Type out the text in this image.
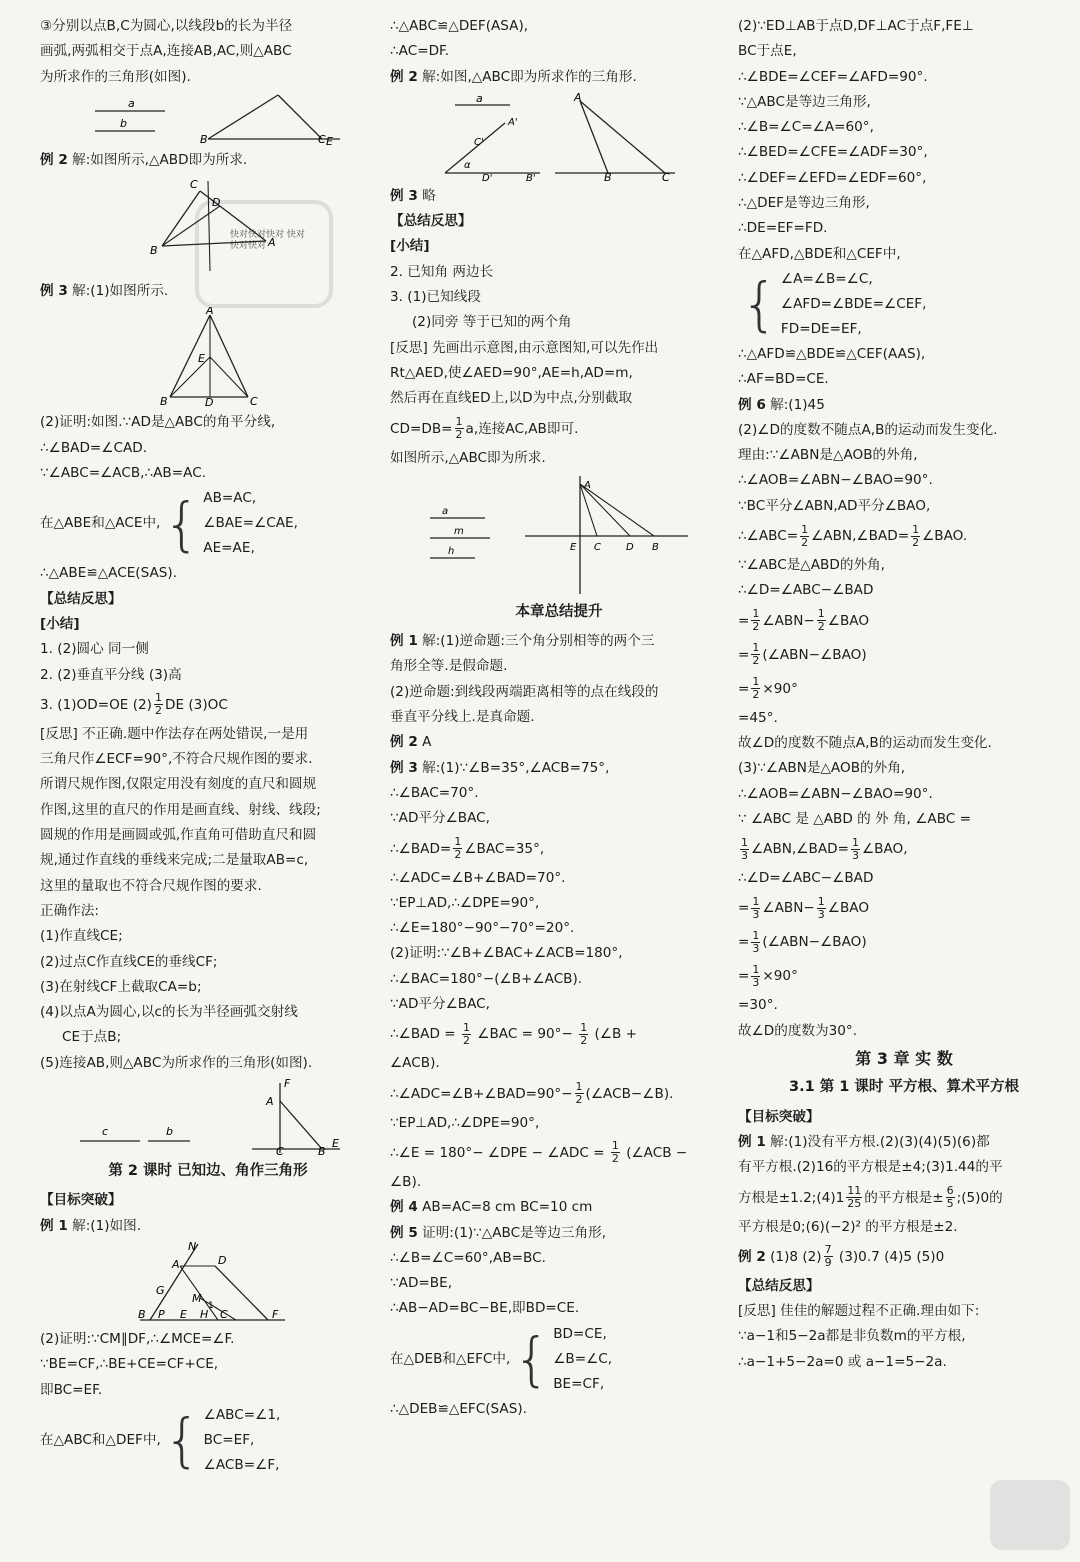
快对快对快对 快对快对快对
③分别以点B,C为圆心,以线段b的长为半径
画弧,两弧相交于点A,连接AB,AC,则△ABC
为所求作的三角形(如图).
a
b
B	C E
例 2 解:如图所示,△ABD即为所求.
B
C
D
A
例 3 解:(1)如图所示.
A
E
B	D	C
(2)证明:如图.∵AD是△ABC的角平分线,
∴∠BAD=∠CAD.
∵∠ABC=∠ACB,∴AB=AC.
在△ABE和△ACE中, { AB=AC,
∠BAE=∠CAE,
AE=AE,
∴△ABE≌△ACE(SAS).
【总结反思】
[小结]
1. (2)圆心 同一侧
2. (2)垂直平分线 (3)高
3. (1)OD=OE $(2) \frac{1}{2}$ DE (3)OC
[反思] 不正确.题中作法存在两处错误,一是用
三角尺作∠ECF=90°,不符合尺规作图的要求.
所谓尺规作图,仅限定用没有刻度的直尺和圆规
作图,这里的直尺的作用是画直线、射线、线段;
圆规的作用是画圆或弧,作直角可借助直尺和圆
规,通过作直线的垂线来完成;二是量取AB=c,
这里的量取也不符合尺规作图的要求.
正确作法:
(1)作直线CE;
(2)过点C作直线CE的垂线CF;
(3)在射线CF上截取CA=b;
(4)以点A为圆心,以c的长为半径画弧交射线
CE于点B;
(5)连接AB,则△ABC为所求作的三角形(如图).
c	b
F
A
C	B
E
第 2 课时 已知边、角作三角形
【目标突破】
例 1 解:(1)如图.
N
A	D
G
M
1
B P E H C	F
(2)证明:∵CM∥DF,∴∠MCE=∠F.
∵BE=CF,∴BE+CE=CF+CE,
即BC=EF.
在△ABC和△DEF中, { ∠ABC=∠1,
BC=EF,
∠ACB=∠F,
∴△ABC≌△DEF(ASA),
∴AC=DF.
例 2 解:如图,△ABC即为所求作的三角形.
a
α
A'
C'
D'	B'
A
B	C
例 3 略
【总结反思】
[小结]
2. 已知角 两边长
3. (1)已知线段
(2)同旁 等于已知的两个角
[反思] 先画出示意图,由示意图知,可以先作出
Rt△AED,使∠AED=90°,AE=h,AD=m,
然后再在直线ED上,以D为中点,分别截取
$CD=DB= \frac{1}{2} a$,连接AC,AB即可.
如图所示,△ABC即为所求.
a
m
h
A
E C	D B
本章总结提升
例 1 解:(1)逆命题:三个角分别相等的两个三
角形全等.是假命题.
(2)逆命题:到线段两端距离相等的点在线段的
垂直平分线上.是真命题.
例 2 A
例 3 解:(1)∵∠B=35°,∠ACB=75°,
∴∠BAC=70°.
∵AD平分∠BAC,
∴∠BAD= $\frac{1}{2}$ ∠BAC=35°,
∴∠ADC=∠B+∠BAD=70°.
∵EP⊥AD,∴∠DPE=90°,
∴∠E=180°−90°−70°=20°.
(2)证明:∵∠B+∠BAC+∠ACB=180°,
∴∠BAC=180°−(∠B+∠ACB).
∵AD平分∠BAC,
∴∠BAD = $\frac{1}{2}$ ∠BAC = $90^\circ- \frac{1}{2}$ (∠B +
∠ACB).
∴∠ADC=∠B+∠BAD=90°− $\frac{1}{2}$ (∠ACB−∠B).
∵EP⊥AD,∴∠DPE=90°,
∴∠E = 180°− ∠DPE − ∠ADC = $\frac{1}{2}$ (∠ACB −
∠B).
例 4 AB=AC=8 cm BC=10 cm
例 5 证明:(1)∵△ABC是等边三角形,
∴∠B=∠C=60°,AB=BC.
∵AD=BE,
∴AB−AD=BC−BE,即BD=CE.
在△DEB和△EFC中, { BD=CE,
∠B=∠C,
BE=CF,
∴△DEB≌△EFC(SAS).
(2)∵ED⊥AB于点D,DF⊥AC于点F,FE⊥
BC于点E,
∴∠BDE=∠CEF=∠AFD=90°.
∵△ABC是等边三角形,
∴∠B=∠C=∠A=60°,
∴∠BED=∠CFE=∠ADF=30°,
∴∠DEF=∠EFD=∠EDF=60°,
∴△DEF是等边三角形,
∴DE=EF=FD.
在△AFD,△BDE和△CEF中,
{ ∠A=∠B=∠C,
∠AFD=∠BDE=∠CEF,
FD=DE=EF,
∴△AFD≌△BDE≌△CEF(AAS),
∴AF=BD=CE.
例 6 解:(1)45
(2)∠D的度数不随点A,B的运动而发生变化.
理由:∵∠ABN是△AOB的外角,
∴∠AOB=∠ABN−∠BAO=90°.
∵BC平分∠ABN,AD平分∠BAO,
∴∠ABC= $\frac{1}{2}$ ∠ABN,∠BAD= $\frac{1}{2}$ ∠BAO.
∵∠ABC是△ABD的外角,
∴∠D=∠ABC−∠BAD
= $\frac{1}{2}$ ∠ABN− $\frac{1}{2}$ ∠BAO
= $\frac{1}{2}$ (∠ABN−∠BAO)
= $\frac{1}{2} \times 90^\circ$
=45°.
故∠D的度数不随点A,B的运动而发生变化.
(3)∵∠ABN是△AOB的外角,
∴∠AOB=∠ABN−∠BAO=90°.
∵ ∠ABC 是 △ABD 的 外 角, ∠ABC =
$\frac{1}{3}$ ∠ABN,∠BAD= $\frac{1}{3}$ ∠BAO,
∴∠D=∠ABC−∠BAD
= $\frac{1}{3}$ ∠ABN− $\frac{1}{3}$ ∠BAO
= $\frac{1}{3}$ (∠ABN−∠BAO)
= $\frac{1}{3} \times 90^\circ$
=30°.
故∠D的度数为30°.
第 3 章 实 数
3.1 第 1 课时 平方根、算术平方根
【目标突破】
例 1 解:(1)没有平方根.(2)(3)(4)(5)(6)都
有平方根.(2)16的平方根是±4;(3)1.44的平
方根是±1.2;(4)1 $\frac{11}{25}$ 的平方根是± $\frac{6}{5}$ ;(5)0的
平方根是0;(6)(−2)² 的平方根是±2.
例 2 (1)8 $(2) \frac{7}{9} (3)0.7$ (4)5 (5)0
【总结反思】
[反思] 佳佳的解题过程不正确.理由如下:
∵a−1和5−2a都是非负数m的平方根,
∴a−1+5−2a=0 或 a−1=5−2a.
